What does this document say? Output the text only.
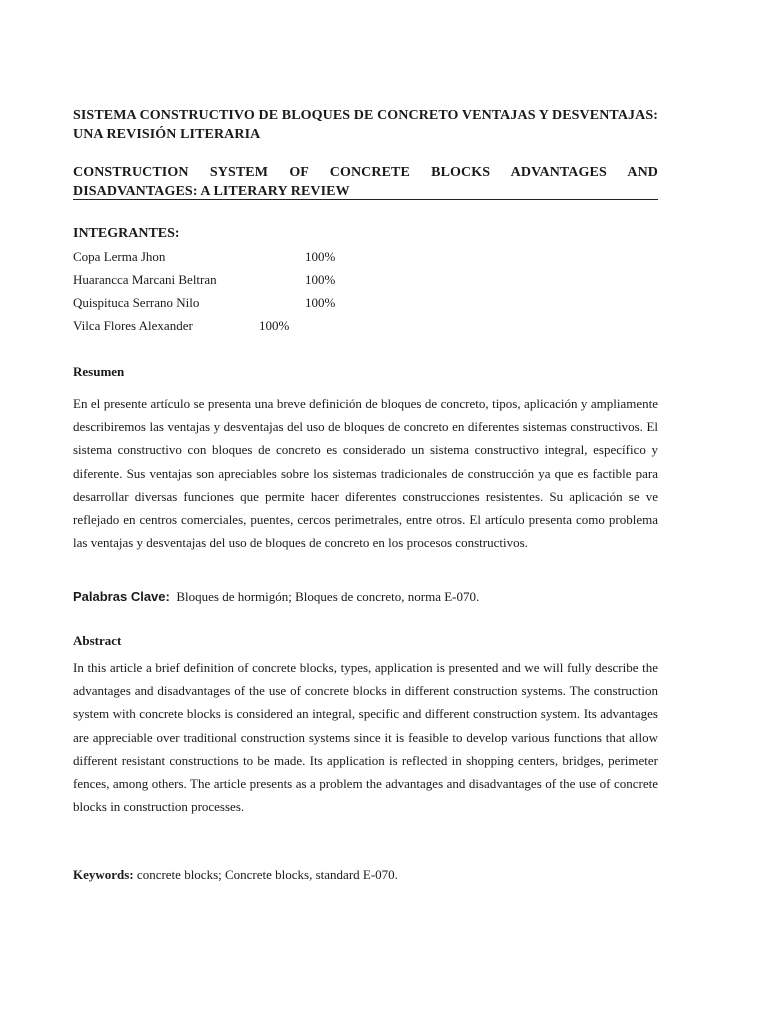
SISTEMA CONSTRUCTIVO DE BLOQUES DE CONCRETO VENTAJAS Y DESVENTAJAS: UNA REVISIÓN LITERARIA

CONSTRUCTION SYSTEM OF CONCRETE BLOCKS ADVANTAGES AND DISADVANTAGES: A LITERARY REVIEW

INTEGRANTES:
Copa Lerma Jhon	100%
Huarancca Marcani Beltran	100%
Quispituca Serrano Nilo	100%
Vilca Flores Alexander	100%
Resumen

En el presente artículo se presenta una breve definición de bloques de concreto, tipos, aplicación y ampliamente describiremos las ventajas y desventajas del uso de bloques de concreto en diferentes sistemas constructivos. El sistema constructivo con bloques de concreto es considerado un sistema constructivo integral, específico y diferente. Sus ventajas son apreciables sobre los sistemas tradicionales de construcción ya que es factible para desarrollar diversas funciones que permite hacer diferentes construcciones resistentes. Su aplicación se ve reflejado en centros comerciales, puentes, cercos perimetrales, entre otros. El artículo presenta como problema las ventajas y desventajas del uso de bloques de concreto en los procesos constructivos.

Palabras Clave: Bloques de hormigón; Bloques de concreto, norma E-070.
Abstract

In this article a brief definition of concrete blocks, types, application is presented and we will fully describe the advantages and disadvantages of the use of concrete blocks in different construction systems. The construction system with concrete blocks is considered an integral, specific and different construction system. Its advantages are appreciable over traditional construction systems since it is feasible to develop various functions that allow different resistant constructions to be made. Its application is reflected in shopping centers, bridges, perimeter fences, among others. The article presents as a problem the advantages and disadvantages of the use of concrete blocks in construction processes.

Keywords: concrete blocks; Concrete blocks, standard E-070.
